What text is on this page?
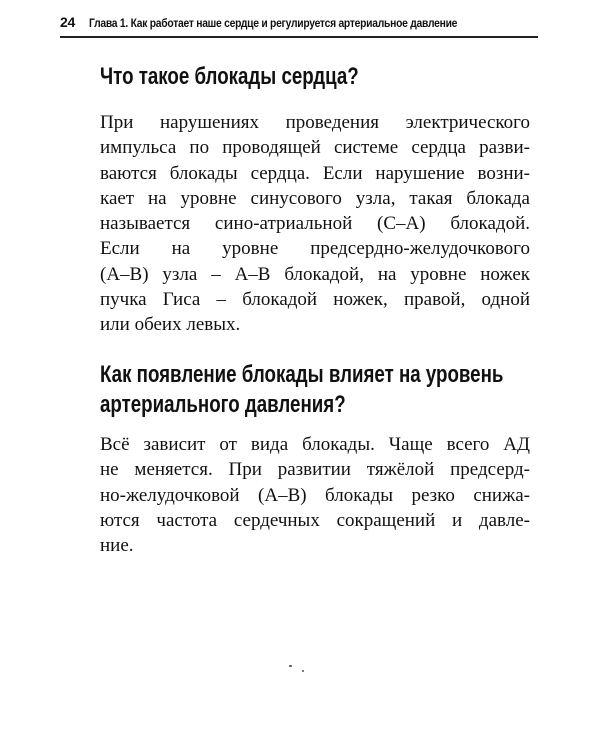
24 Глава 1. Как работает наше сердце и регулируется артериальное давление
Что такое блокады сердца?
При нарушениях проведения электрического
импульса по проводящей системе сердца разви-
ваются блокады сердца. Если нарушение возни-
кает на уровне синусового узла, такая блокада
называется сино-атриальной (С–А) блокадой.
Если на уровне предсердно-желудочкового
(А–В) узла – А–В блокадой, на уровне ножек
пучка Гиса – блокадой ножек, правой, одной
или обеих левых.
Как появление блокады влияет на уровень
артериального давления?
Всё зависит от вида блокады. Чаще всего АД
не меняется. При развитии тяжёлой предсерд-
но-желудочковой (А–В) блокады резко снижа-
ются частота сердечных сокращений и давле-
ние.
